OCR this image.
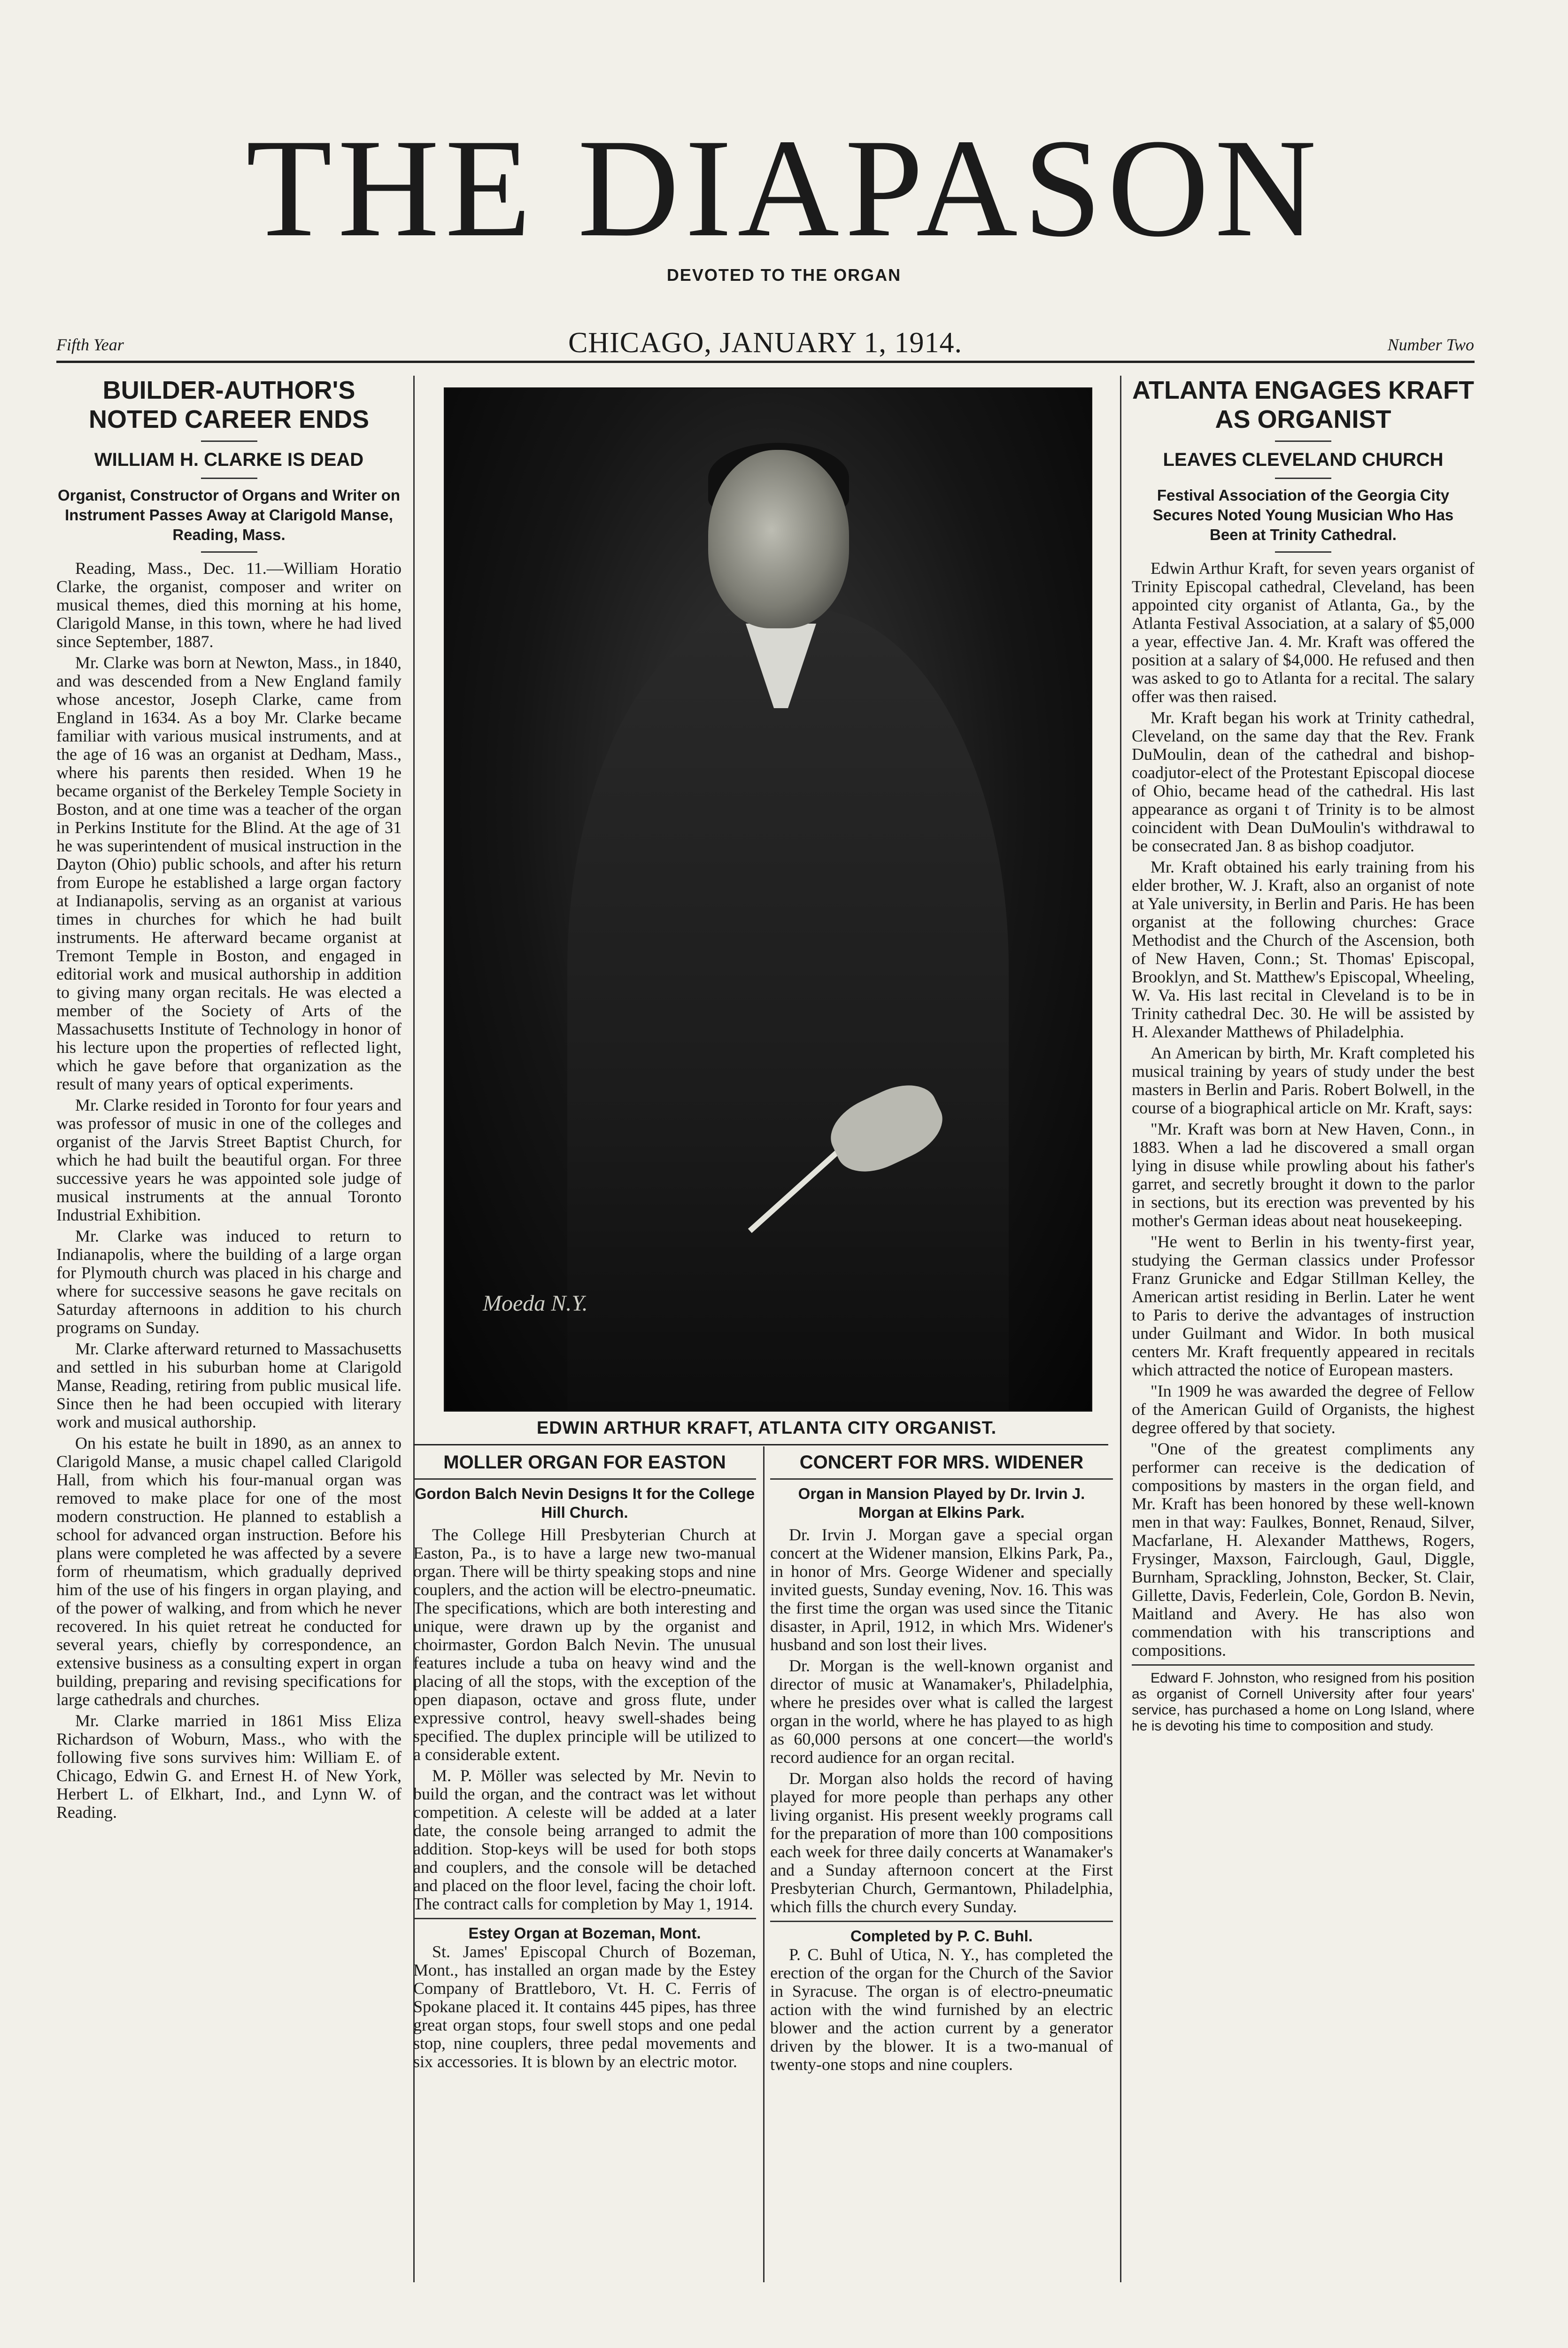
THE DIAPASON
DEVOTED TO THE ORGAN
Fifth Year	CHICAGO, JANUARY 1, 1914.	Number Two
BUILDER-AUTHOR'S NOTED CAREER ENDS
WILLIAM H. CLARKE IS DEAD
Organist, Constructor of Organs and Writer on Instrument Passes Away at Clarigold Manse, Reading, Mass.

Reading, Mass., Dec. 11.—William Horatio Clarke, the organist, composer and writer on musical themes, died this morning at his home, Clarigold Manse, in this town, where he had lived since September, 1887.

Mr. Clarke was born at Newton, Mass., in 1840, and was descended from a New England family whose ancestor, Joseph Clarke, came from England in 1634. As a boy Mr. Clarke became familiar with various musical instruments, and at the age of 16 was an organist at Dedham, Mass., where his parents then resided. When 19 he became organist of the Berkeley Temple Society in Boston, and at one time was a teacher of the organ in Perkins Institute for the Blind. At the age of 31 he was superintendent of musical instruction in the Dayton (Ohio) public schools, and after his return from Europe he established a large organ factory at Indianapolis, serving as an organist at various times in churches for which he had built instruments. He afterward became organist at Tremont Temple in Boston, and engaged in editorial work and musical authorship in addition to giving many organ recitals. He was elected a member of the Society of Arts of the Massachusetts Institute of Technology in honor of his lecture upon the properties of reflected light, which he gave before that organization as the result of many years of optical experiments.

Mr. Clarke resided in Toronto for four years and was professor of music in one of the colleges and organist of the Jarvis Street Baptist Church, for which he had built the beautiful organ. For three successive years he was appointed sole judge of musical instruments at the annual Toronto Industrial Exhibition.

Mr. Clarke was induced to return to Indianapolis, where the building of a large organ for Plymouth church was placed in his charge and where for successive seasons he gave recitals on Saturday afternoons in addition to his church programs on Sunday.

Mr. Clarke afterward returned to Massachusetts and settled in his suburban home at Clarigold Manse, Reading, retiring from public musical life. Since then he had been occupied with literary work and musical authorship.

On his estate he built in 1890, as an annex to Clarigold Manse, a music chapel called Clarigold Hall, from which his four-manual organ was removed to make place for one of the most modern construction. He planned to establish a school for advanced organ instruction. Before his plans were completed he was affected by a severe form of rheumatism, which gradually deprived him of the use of his fingers in organ playing, and of the power of walking, and from which he never recovered. In his quiet retreat he conducted for several years, chiefly by correspondence, an extensive business as a consulting expert in organ building, preparing and revising specifications for large cathedrals and churches.

Mr. Clarke married in 1861 Miss Eliza Richardson of Woburn, Mass., who with the following five sons survives him: William E. of Chicago, Edwin G. and Ernest H. of New York, Herbert L. of Elkhart, Ind., and Lynn W. of Reading.

Moeda N.Y.
EDWIN ARTHUR KRAFT, ATLANTA CITY ORGANIST.
MOLLER ORGAN FOR EASTON
Gordon Balch Nevin Designs It for the College Hill Church.

The College Hill Presbyterian Church at Easton, Pa., is to have a large new two-manual organ. There will be thirty speaking stops and nine couplers, and the action will be electro-pneumatic. The specifications, which are both interesting and unique, were drawn up by the organist and choirmaster, Gordon Balch Nevin. The unusual features include a tuba on heavy wind and the placing of all the stops, with the exception of the open diapason, octave and gross flute, under expressive control, heavy swell-shades being specified. The duplex principle will be utilized to a considerable extent.

M. P. Möller was selected by Mr. Nevin to build the organ, and the contract was let without competition. A celeste will be added at a later date, the console being arranged to admit the addition. Stop-keys will be used for both stops and couplers, and the console will be detached and placed on the floor level, facing the choir loft. The contract calls for completion by May 1, 1914.

Estey Organ at Bozeman, Mont.

St. James' Episcopal Church of Bozeman, Mont., has installed an organ made by the Estey Company of Brattleboro, Vt. H. C. Ferris of Spokane placed it. It contains 445 pipes, has three great organ stops, four swell stops and one pedal stop, nine couplers, three pedal movements and six accessories. It is blown by an electric motor.

CONCERT FOR MRS. WIDENER
Organ in Mansion Played by Dr. Irvin J. Morgan at Elkins Park.

Dr. Irvin J. Morgan gave a special organ concert at the Widener mansion, Elkins Park, Pa., in honor of Mrs. George Widener and specially invited guests, Sunday evening, Nov. 16. This was the first time the organ was used since the Titanic disaster, in April, 1912, in which Mrs. Widener's husband and son lost their lives.

Dr. Morgan is the well-known organist and director of music at Wanamaker's, Philadelphia, where he presides over what is called the largest organ in the world, where he has played to as high as 60,000 persons at one concert—the world's record audience for an organ recital.

Dr. Morgan also holds the record of having played for more people than perhaps any other living organist. His present weekly programs call for the preparation of more than 100 compositions each week for three daily concerts at Wanamaker's and a Sunday afternoon concert at the First Presbyterian Church, Germantown, Philadelphia, which fills the church every Sunday.

Completed by P. C. Buhl.

P. C. Buhl of Utica, N. Y., has completed the erection of the organ for the Church of the Savior in Syracuse. The organ is of electro-pneumatic action with the wind furnished by an electric blower and the action current by a generator driven by the blower. It is a two-manual of twenty-one stops and nine couplers.

ATLANTA ENGAGES KRAFT AS ORGANIST
LEAVES CLEVELAND CHURCH
Festival Association of the Georgia City Secures Noted Young Musician Who Has Been at Trinity Cathedral.

Edwin Arthur Kraft, for seven years organist of Trinity Episcopal cathedral, Cleveland, has been appointed city organist of Atlanta, Ga., by the Atlanta Festival Association, at a salary of $5,000 a year, effective Jan. 4. Mr. Kraft was offered the position at a salary of $4,000. He refused and then was asked to go to Atlanta for a recital. The salary offer was then raised.

Mr. Kraft began his work at Trinity cathedral, Cleveland, on the same day that the Rev. Frank DuMoulin, dean of the cathedral and bishop-coadjutor-elect of the Protestant Episcopal diocese of Ohio, became head of the cathedral. His last appearance as organi t of Trinity is to be almost coincident with Dean DuMoulin's withdrawal to be consecrated Jan. 8 as bishop coadjutor.

Mr. Kraft obtained his early training from his elder brother, W. J. Kraft, also an organist of note at Yale university, in Berlin and Paris. He has been organist at the following churches: Grace Methodist and the Church of the Ascension, both of New Haven, Conn.; St. Thomas' Episcopal, Brooklyn, and St. Matthew's Episcopal, Wheeling, W. Va. His last recital in Cleveland is to be in Trinity cathedral Dec. 30. He will be assisted by H. Alexander Matthews of Philadelphia.

An American by birth, Mr. Kraft completed his musical training by years of study under the best masters in Berlin and Paris. Robert Bolwell, in the course of a biographical article on Mr. Kraft, says:

"Mr. Kraft was born at New Haven, Conn., in 1883. When a lad he discovered a small organ lying in disuse while prowling about his father's garret, and secretly brought it down to the parlor in sections, but its erection was prevented by his mother's German ideas about neat housekeeping.

"He went to Berlin in his twenty-first year, studying the German classics under Professor Franz Grunicke and Edgar Stillman Kelley, the American artist residing in Berlin. Later he went to Paris to derive the advantages of instruction under Guilmant and Widor. In both musical centers Mr. Kraft frequently appeared in recitals which attracted the notice of European masters.

"In 1909 he was awarded the degree of Fellow of the American Guild of Organists, the highest degree offered by that society.

"One of the greatest compliments any performer can receive is the dedication of compositions by masters in the organ field, and Mr. Kraft has been honored by these well-known men in that way: Faulkes, Bonnet, Renaud, Silver, Macfarlane, H. Alexander Matthews, Rogers, Frysinger, Maxson, Fairclough, Gaul, Diggle, Burnham, Sprackling, Johnston, Becker, St. Clair, Gillette, Davis, Federlein, Cole, Gordon B. Nevin, Maitland and Avery. He has also won commendation with his transcriptions and compositions.

Edward F. Johnston, who resigned from his position as organist of Cornell University after four years' service, has purchased a home on Long Island, where he is devoting his time to composition and study.
